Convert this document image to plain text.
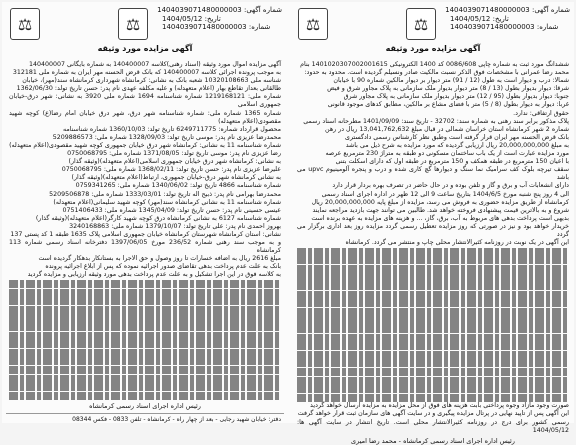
⚖	⚖
شماره آگهی: 1404039071480000003
تاریخ: 1404/05/12
شماره: 1404039071480000003
آگهی مزایده مورد وثیقه

ششدانگ مورد ثبت به شماره چاپی 0086/608 کد 1400 الکترونیکی 1401020307002001615 بنام

محمد رضا عمرانی با مشخصات فوق الذکر نسبت مالکیت صادر ونسیلم گردیده است. محدود به حدود:

شمالا: درب و دیوار است به طول (12 / 91) متر دیوار بر دیوار مالکین شماره 90 با خیابان

شرقا: دیوار بدیوار بطول (13 / 8) متر دیوار بدیوار ملک سازمانی به پلاک مجاور شرق و فیض

جنوبا: دیوار بدیوار بطول (95 / 12) متر دیوار بدیوار ملک سازمانی به پلاک مجاور شرق

غربا: دیوار به دیوار بطول (8 / 5) متر با فضای مشاع بر مالکین، مطابق کدهای موجود قانونی

حقوق ارتفاقی: ندارد.

پلاک مذکور برابر سند رهنی به شماره سند: 32702 - تاریخ سند: 1401/09/09 مطرحانه اسناد رسمی

شماره 2 شهر کرمانشاه استان خراسان شمالی در قبال مبلغ 13,041,762,632 ریال در رهن

بانک قرض الحسنه مهر ایران قرار گرفته است وطبق نظر کارشناس رسمی دادگستری

به مبلغ 20,000,000,000 ریال ارزیابی گردیده که مورد مزایده به شرح ذیل می باشد

مورد مزایده عبارت است از یک باب ساختمان مسکونی دو طبقه به متراژ 230 مترمربع عرصه

با اعیان 150 مترمربع در طبقه همکف و 150 مترمربع در طبقه اول که دارای اسکلت بتنی

سقف تیرچه بلوک کف سرامیک نما سنگ و دیوارها گچ کاری شده و درب و پنجره آلومینیوم upvc می باشد

دارای انشعابات آب و برق و گاز و تلفن بوده و در حال حاضر در تصرف بهره بردار قرار دارد

الی 4 روز پنج شنبه مورخ 1404/6/5 بتاریخ ساعت 9 الی 12 ظهر در اداره اجرای اسناد رسمی

کرمانشاه از طریق مزایده حضوری به فروش می رسد، مزایده از مبلغ پایه 20,000,000,000 ریال

شروع و به بالاترین قیمت پیشنهادی فروخته خواهد شد. طالبین می توانند جهت بازدید مراجعه نمایند

بدیهی است پرداخت بدهی های مربوط به آب، برق، گاز، ... و هزینه های مزایده به عهده برنده است

خریدار خواهد بود و نیز در صورتی که روز مزایده تعطیل رسمی گردد مزایده روز بعد اداری برگزار می گردد

این آگهی در یک نوبت در روزنامه کثیرالانتشار محلی چاپ و منتشر می گردد. کرمانشاه

صورت وجود مازاد وجوه پرداختی بابت هزینه های فوق از محل مزایده به مزایده ارسال خواهد گردید

این آگهی پس از تاپید نهایی در پرتال مزایده پیگیری و در سایت آگهی های سازمان ثبت قرار خواهد گرفت

رسمی کشور برای درج در روزنامه کثیرالانتشار محلی است. تاریخ انتشار در سایت آگهی ها: 1404/05/12

رئیس اداره اجرای اسناد رسمی کرمانشاه - محمد رضا امیری
⚖	⚖
شماره آگهی: 1404039071480000003
تاریخ: 1404/05/12
شماره: 1404039071480000003
آگهی مزایده مورد وثیقه

آگهی مزایده اموال مورد وثیقه (اسناد رهنی)کلاسه 140400007 به شماره بایگانی 140400007

به موجب پرونده اجرائی کلاسه 140400007 که بانک قرض الحسنه مهر ایران به شماره ملی 312181

شناسه ملی 10320108663 شعبه بانک به نشانی: کرمانشاه شهرداری کرمانشاه سند(مهر)، خیابان

طالقانی بعداز تقاطع بهار (اعلام متعهدله) و علیه مکلفه عهدی نام پدر: حسن تاریخ تولد: 1362/06/30

شماره ملی: 1219168121 شماره شناسنامه 1694 شماره ملی 3920 به نشانی: شهر درق-خیابان جمهوری اسلامی

شماره 1365 شماره ملی: شماره شناسنامه شهر درق، شهر درق خیابان امام رضا(ع) کوچه شهید مقصودی(اعلام متعهدله)

محصول قرارداد شماره: 6249711775 تاریخ تولد: 1360/10/03 شماره شناسنامه

محمدرضا عزیزی نام پدر: موسی تاریخ تولد: 1328/09/03 شماره ملی: 5209886573

شماره شناسنامه 11 به نشانی: کرمانشاه شهر درق خیابان جمهوری کوچه شهید مقصودی(اعلام متعهدله)

رضا عزیزی نام پدر: موسی تاریخ تولد: 1371/08/05 شماره ملی: 0750068795

به نشانی: کرمانشاه شهر درق خیابان جمهوری اسلامی(اعلام متعهدله)(وثیقه گذار)

علیرضا عزیزی نام پدر: حسن تاریخ تولد: 1368/02/11 شماره ملی: 0750068795

به نشانی کرمانشاه شهر درق-خیابان جمهوری، ارتباط(اعلام متعهدله)(وثیقه گذار)

شماره شناسنامه 4866 تاریخ تولد: 1340/06/02 شماره ملی: 0759341265

محمدرضا بهرامی نام پدر: ذبیح اله تاریخ تولد: 1333/03/01 شماره ملی: 5209506878

شماره شناسنامه 11 به نشانی کرمانشاه سند(مهر) کوچه شهید سلیمانی(اعلام متعهدله)

عیسی حسینی نام پدر: حسن تاریخ تولد: 1345/04/09 شماره ملی: 0751406433

شماره شناسنامه 6127 به نشانی کرمانشاه درق کوچه شهید کارگر(اعلام متعهدله)(وثیقه گذار)

بهروز احمدی نام پدر: علی تاریخ تولد: 1379/10/07 شماره ملی: 3240168863

نشانی: استان کرمانشاه شهرستان کرمانشاه خیابان جمهوری اسلامی پلاک 1635 طبقه 1 کد پستی 137

و به موجب سند رهنی شماره 236/52 مورخ 1397/06/05 دفترخانه اسناد رسمی شماره 113 کرمانشاه

مبلغ 2616 ریال به اضافه خسارات تا روز وصول و حق الاجرا به بستانکار بدهکار گردیده است

بانک به علت عدم پرداخت بدهی تقاضای صدور اجرائیه نموده که پس از ابلاغ اجرائیه پرونده

به کلاسه فوق در این اجرا تشکیل و به علت عدم پرداخت بدهی مورد وثیقه ارزیابی و مزایده گردید

رئیس اداره اجرای اسناد رسمی کرمانشاه
دفتر: خیابان شهید رجایی - بعد از چهار راه - کرمانشاه - تلفن 0833 - فکس 08344
